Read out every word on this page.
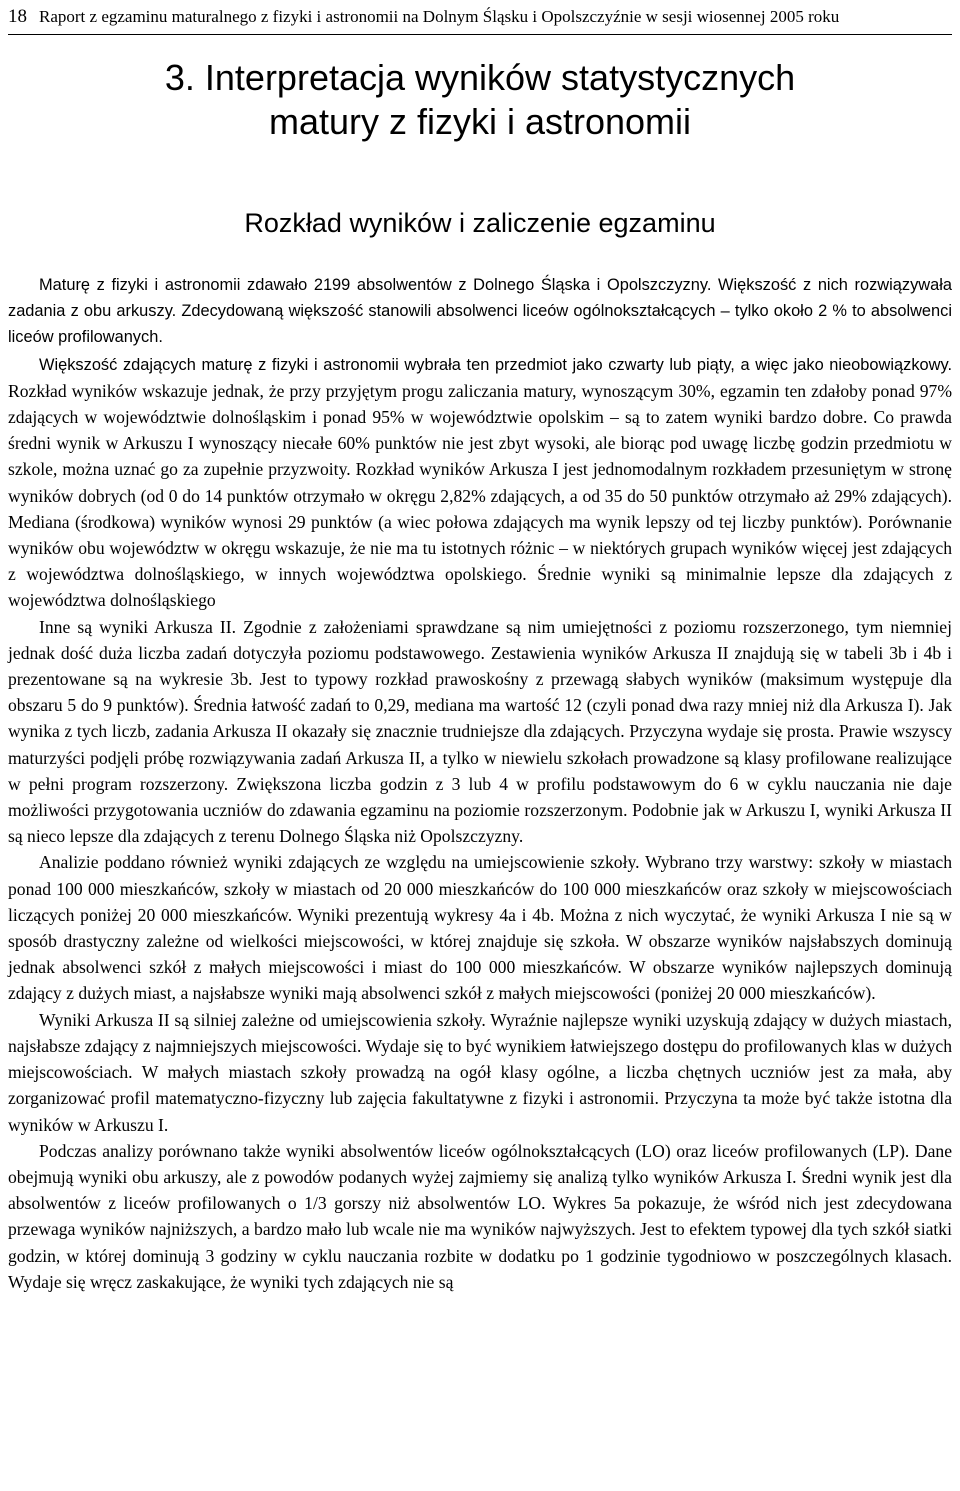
18 Raport z egzaminu maturalnego z fizyki i astronomii na Dolnym Śląsku i Opolszczyźnie w sesji wiosennej 2005 roku
3. Interpretacja wyników statystycznych
matury z fizyki i astronomii
Rozkład wyników i zaliczenie egzaminu

Maturę z fizyki i astronomii zdawało 2199 absolwentów z Dolnego Śląska i Opolszczyzny. Większość z nich rozwiązywała zadania z obu arkuszy. Zdecydowaną większość stanowili absolwenci liceów ogólnokształcących – tylko około 2 % to absolwenci liceów profilowanych.

Większość zdających maturę z fizyki i astronomii wybrała ten przedmiot jako czwarty lub piąty, a więc jako nieobowiązkowy. Rozkład wyników wskazuje jednak, że przy przyjętym progu zaliczania matury, wynoszącym 30%, egzamin ten zdałoby ponad 97% zdających w województwie dolnośląskim i ponad 95% w województwie opolskim – są to zatem wyniki bardzo dobre. Co prawda średni wynik w Arkuszu I wynoszący niecałe 60% punktów nie jest zbyt wysoki, ale biorąc pod uwagę liczbę godzin przedmiotu w szkole, można uznać go za zupełnie przyzwoity. Rozkład wyników Arkusza I jest jednomodalnym rozkładem przesuniętym w stronę wyników dobrych (od 0 do 14 punktów otrzymało w okręgu 2,82% zdających, a od 35 do 50 punktów otrzymało aż 29% zdających). Mediana (środkowa) wyników wynosi 29 punktów (a wiec połowa zdających ma wynik lepszy od tej liczby punktów). Porównanie wyników obu województw w okręgu wskazuje, że nie ma tu istotnych różnic – w niektórych grupach wyników więcej jest zdających z województwa dolnośląskiego, w innych województwa opolskiego. Średnie wyniki są minimalnie lepsze dla zdających z województwa dolnośląskiego

Inne są wyniki Arkusza II. Zgodnie z założeniami sprawdzane są nim umiejętności z poziomu rozszerzonego, tym niemniej jednak dość duża liczba zadań dotyczyła poziomu podstawowego. Zestawienia wyników Arkusza II znajdują się w tabeli 3b i 4b i prezentowane są na wykresie 3b. Jest to typowy rozkład prawoskośny z przewagą słabych wyników (maksimum występuje dla obszaru 5 do 9 punktów). Średnia łatwość zadań to 0,29, mediana ma wartość 12 (czyli ponad dwa razy mniej niż dla Arkusza I). Jak wynika z tych liczb, zadania Arkusza II okazały się znacznie trudniejsze dla zdających. Przyczyna wydaje się prosta. Prawie wszyscy maturzyści podjęli próbę rozwiązywania zadań Arkusza II, a tylko w niewielu szkołach prowadzone są klasy profilowane realizujące w pełni program rozszerzony. Zwiększona liczba godzin z 3 lub 4 w profilu podstawowym do 6 w cyklu nauczania nie daje możliwości przygotowania uczniów do zdawania egzaminu na poziomie rozszerzonym. Podobnie jak w Arkuszu I, wyniki Arkusza II są nieco lepsze dla zdających z terenu Dolnego Śląska niż Opolszczyzny.

Analizie poddano również wyniki zdających ze względu na umiejscowienie szkoły. Wybrano trzy warstwy: szkoły w miastach ponad 100 000 mieszkańców, szkoły w miastach od 20 000 mieszkańców do 100 000 mieszkańców oraz szkoły w miejscowościach liczących poniżej 20 000 mieszkańców. Wyniki prezentują wykresy 4a i 4b. Można z nich wyczytać, że wyniki Arkusza I nie są w sposób drastyczny zależne od wielkości miejscowości, w której znajduje się szkoła. W obszarze wyników najsłabszych dominują jednak absolwenci szkół z małych miejscowości i miast do 100 000 mieszkańców. W obszarze wyników najlepszych dominują zdający z dużych miast, a najsłabsze wyniki mają absolwenci szkół z małych miejscowości (poniżej 20 000 mieszkańców).

Wyniki Arkusza II są silniej zależne od umiejscowienia szkoły. Wyraźnie najlepsze wyniki uzyskują zdający w dużych miastach, najsłabsze zdający z najmniejszych miejscowości. Wydaje się to być wynikiem łatwiejszego dostępu do profilowanych klas w dużych miejscowościach. W małych miastach szkoły prowadzą na ogół klasy ogólne, a liczba chętnych uczniów jest za mała, aby zorganizować profil matematyczno-fizyczny lub zajęcia fakultatywne z fizyki i astronomii. Przyczyna ta może być także istotna dla wyników w Arkuszu I.

Podczas analizy porównano także wyniki absolwentów liceów ogólnokształcących (LO) oraz liceów profilowanych (LP). Dane obejmują wyniki obu arkuszy, ale z powodów podanych wyżej zajmiemy się analizą tylko wyników Arkusza I. Średni wynik jest dla absolwentów z liceów profilowanych o 1/3 gorszy niż absolwentów LO. Wykres 5a pokazuje, że wśród nich jest zdecydowana przewaga wyników najniższych, a bardzo mało lub wcale nie ma wyników najwyższych. Jest to efektem typowej dla tych szkół siatki godzin, w której dominują 3 godziny w cyklu nauczania rozbite w dodatku po 1 godzinie tygodniowo w poszczególnych klasach. Wydaje się wręcz zaskakujące, że wyniki tych zdających nie są
